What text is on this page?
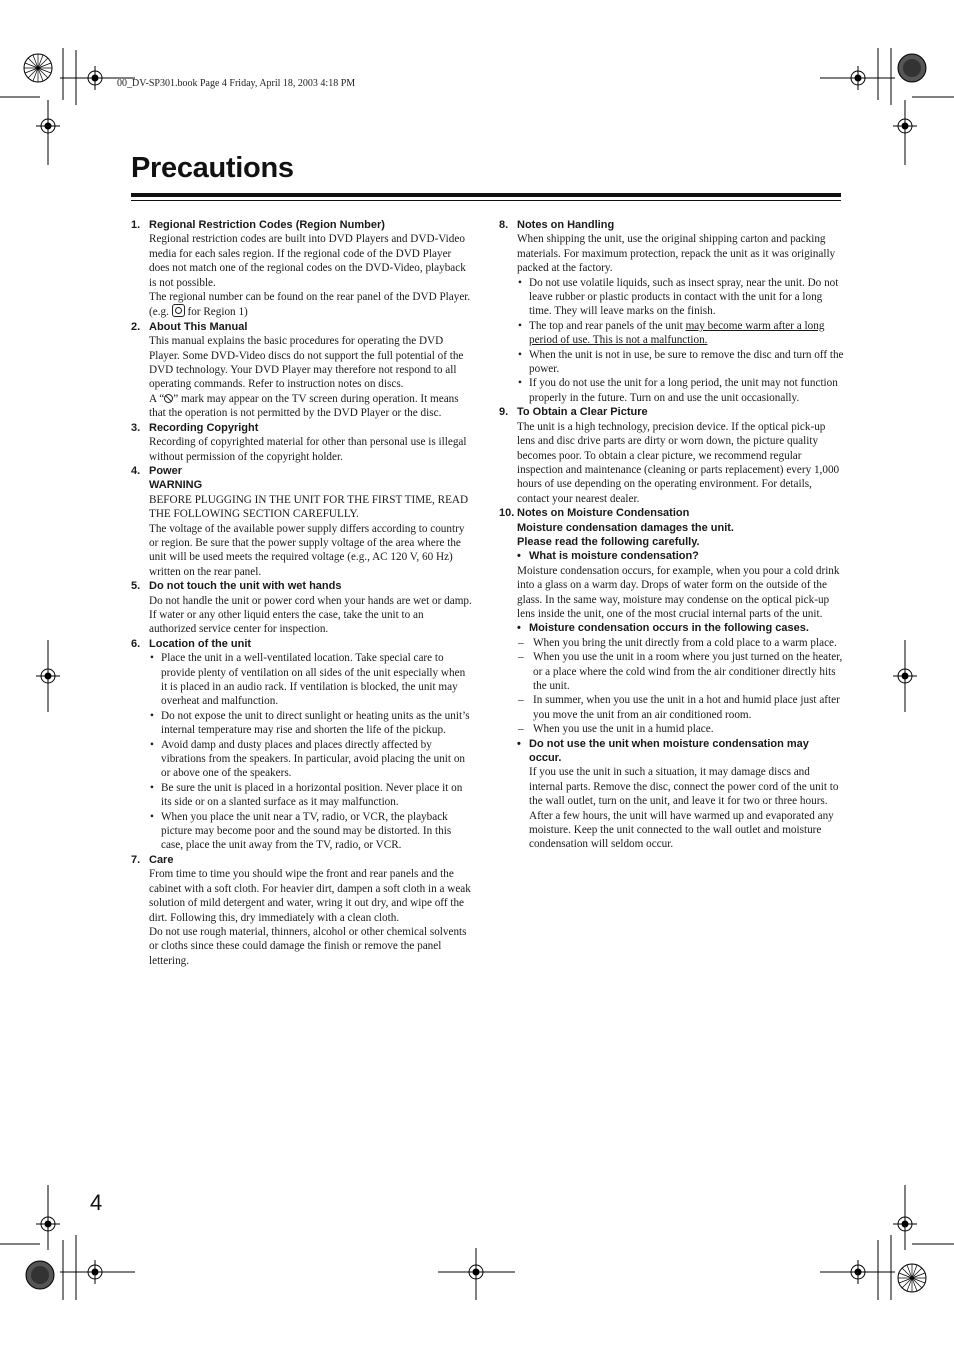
00_DV-SP301.book Page 4 Friday, April 18, 2003 4:18 PM
Precautions
1. Regional Restriction Codes (Region Number)

Regional restriction codes are built into DVD Players and DVD-Video media for each sales region. If the regional code of the DVD Player does not match one of the regional codes on the DVD-Video, playback is not possible.

The regional number can be found on the rear panel of the DVD Player. (e.g. for Region 1)

2. About This Manual

This manual explains the basic procedures for operating the DVD Player. Some DVD-Video discs do not support the full potential of the DVD technology. Your DVD Player may therefore not respond to all operating commands. Refer to instruction notes on discs.

A “ ” mark may appear on the TV screen during operation. It means that the operation is not permitted by the DVD Player or the disc.

3. Recording Copyright

Recording of copyrighted material for other than personal use is illegal without permission of the copyright holder.

4. Power
WARNING

BEFORE PLUGGING IN THE UNIT FOR THE FIRST TIME, READ THE FOLLOWING SECTION CAREFULLY.

The voltage of the available power supply differs according to country or region. Be sure that the power supply voltage of the area where the unit will be used meets the required voltage (e.g., AC 120 V, 60 Hz) written on the rear panel.

5. Do not touch the unit with wet hands

Do not handle the unit or power cord when your hands are wet or damp. If water or any other liquid enters the case, take the unit to an authorized service center for inspection.

6. Location of the unit
• Place the unit in a well-ventilated location. Take special care to provide plenty of ventilation on all sides of the unit especially when it is placed in an audio rack. If ventilation is blocked, the unit may overheat and malfunction.
• Do not expose the unit to direct sunlight or heating units as the unit’s internal temperature may rise and shorten the life of the pickup.
• Avoid damp and dusty places and places directly affected by vibrations from the speakers. In particular, avoid placing the unit on or above one of the speakers.
• Be sure the unit is placed in a horizontal position. Never place it on its side or on a slanted surface as it may malfunction.
• When you place the unit near a TV, radio, or VCR, the playback picture may become poor and the sound may be distorted. In this case, place the unit away from the TV, radio, or VCR.
7. Care

From time to time you should wipe the front and rear panels and the cabinet with a soft cloth. For heavier dirt, dampen a soft cloth in a weak solution of mild detergent and water, wring it out dry, and wipe off the dirt. Following this, dry immediately with a clean cloth.

Do not use rough material, thinners, alcohol or other chemical solvents or cloths since these could damage the finish or remove the panel lettering.

8. Notes on Handling

When shipping the unit, use the original shipping carton and packing materials. For maximum protection, repack the unit as it was originally packed at the factory.

• Do not use volatile liquids, such as insect spray, near the unit. Do not leave rubber or plastic products in contact with the unit for a long time. They will leave marks on the finish.
• The top and rear panels of the unit may become warm after a long period of use. This is not a malfunction.
• When the unit is not in use, be sure to remove the disc and turn off the power.
• If you do not use the unit for a long period, the unit may not function properly in the future. Turn on and use the unit occasionally.
9. To Obtain a Clear Picture

The unit is a high technology, precision device. If the optical pick-up lens and disc drive parts are dirty or worn down, the picture quality becomes poor. To obtain a clear picture, we recommend regular inspection and maintenance (cleaning or parts replacement) every 1,000 hours of use depending on the operating environment. For details, contact your nearest dealer.

10. Notes on Moisture Condensation
Moisture condensation damages the unit.
Please read the following carefully.
• What is moisture condensation?

Moisture condensation occurs, for example, when you pour a cold drink into a glass on a warm day. Drops of water form on the outside of the glass. In the same way, moisture may condense on the optical pick-up lens inside the unit, one of the most crucial internal parts of the unit.

• Moisture condensation occurs in the following cases.
– When you bring the unit directly from a cold place to a warm place.
– When you use the unit in a room where you just turned on the heater, or a place where the cold wind from the air conditioner directly hits the unit.
– In summer, when you use the unit in a hot and humid place just after you move the unit from an air conditioned room.
– When you use the unit in a humid place.
• Do not use the unit when moisture condensation may occur.

If you use the unit in such a situation, it may damage discs and internal parts. Remove the disc, connect the power cord of the unit to the wall outlet, turn on the unit, and leave it for two or three hours. After a few hours, the unit will have warmed up and evaporated any moisture. Keep the unit connected to the wall outlet and moisture condensation will seldom occur.

4
